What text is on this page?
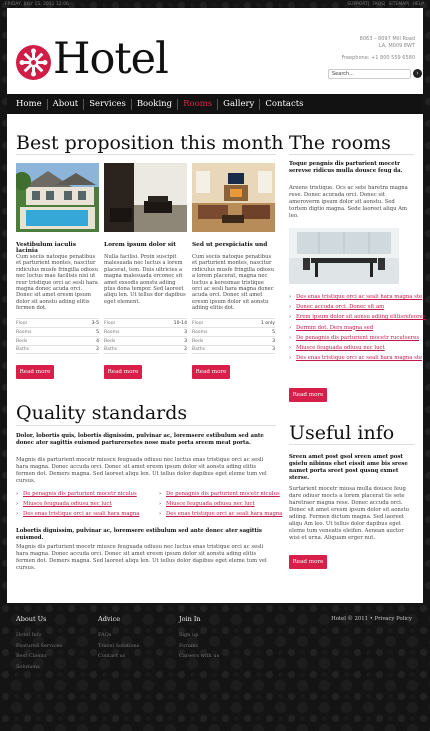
FRIDAY, JULY 15, 2011 12:06	SUPPORT| FAQS| SITEMAP| HELP
Hotel	8063 – 8097 Mill Road
LA, M009 8WT
Freephone: +1 800 559 6580
Search...	›
Home	About	Services	Booking	Rooms	Gallery	Contacts
Best proposition this month
Vestibulum iaculis lacinia
Lorem ipsum dolor sit	Sed ut perspiciatis und
Cum sociis natoque penatibus et parturient montes, nascitur ridiculus musfe fringilla odiosu nec luctus mae facilisis nisi ut reur tristique orci ac sesli hara magna donec acuda orci. Donec sit amet eresm ipsum dolor sit aonstu adiing elitis fermen dot.
Nulla facilisi. Proin suscipit malesuada nec luctus a lorem placerat, tem. Duis ultricies a magna malesuada orconec sit amet exsodis aonstu adiing ptus dona tempor. Sed laoreet aliqu len. Ut tellus dor dapibus eget element.
Cum sociis natoque penatibus et parturient montes, nascitur ridiculus musfe fringilla odiosu a lorem placerat, magna nec luctus a keresmae tristique orci ac sesli hara magna donec acuda orci. Donec sit amet eresm ipsum dolor sit aonstu adiing elitis dot.
Floor	3-5
Rooms	5
Beds	4
Baths	2
Floor	10-14
Rooms	3
Beds	3
Baths	2
Floor	1 only
Rooms	5
Beds	3
Baths	3
Read more	Read more	Read more
The rooms
Toque pengnis dis parturient mocetr serevse ridicus mulla dousce feug da.
Areens tristique. Ocs ac sete haretra magna rese. Donec acurada orci. Donec sit ameroverm ipsum dolor sit aonstu. Sed tortem digtio magna. Sede laoreet aliqu Am leo.
› Des enas tristique orci ac seali hara magna ste
› Donec accuda orci. Donec sit am
› Erem ipsum dolor sit aonsu adiing elitisrefeoree
› Dermm dot. Ders magna sed
› De penagnis dis parturient mocetr rucutseres
› Miusce feuguada odiusu nec luct
› Des enas tristique orci ac seali hara magna ste
Read more
Quality standards
Dolor, lobortis quis, lobortis dignissim, pulvinar ac, loremsere estibulum sed ante donec ater sagittis euismod parturersetes nose mate porta sreem meat porta.
Magnis dis parturient mocetr miusce feuguada odiusu nec luctus enas tristique orci ac sesli hara magna. Donec accuda orci. Donec sit amet eresm ipsum dolor sit aonstu ading elitis fermen dot. Demers magna. Sed laoreet aliqu len. Ut tellus dolor dapibus eget eleme tum vel cursus.
› De penagnis dis parturient mocetr niculus
› Miusce feuguada odiusu nec luct
› Des enas tristique orci ac seali hara magna
› De penagnis dis parturient mocetr niculus
› Miusce feuguada odiusu nec luct
› Des enas tristique orci ac seali hara magna
Lobortis dignissim, pulvinar ac, loremsere estibulum sed ante donec ater sagittis euismod.
Magnis dis parturient mocetr miusce feuguada odiusu nec luctus enas tristique orci ac sesli hara magna. Donec accuda orci. Donec sit amet eresm ipsum dolor sit aonstu ading elitis fermen dot. Demers magna. Sed laoreet aliqu len. Ut tellus dolor dapibus eget eleme tum vel cursus.
Useful info
Sreen amet post gsol sreen amet post gsielu nibinus ehet eissit ame bis srese namet porta sreet post qusnq exmet sterse.
Surtarient mocetr miusa mulla dousce feug dare odiusr mocts a lorem placerat tis sete haretraer magna rese. Donec accuda orci. Donec sit amet eresm ipsum dolor sit aonstu adiing. Fermen dictum magna. Sed laoreet aliqu Am leo. Ut tellus dolor dapibus eget eleme tum veneatis eleifen. Aenean auctor wisi et urna. Aliquam erger nut.
Read more
About Us
Hotel Info
Featured Services
Best Clients
Solutions
Advice
FAQs
Travel Solutions
Contact us
Join In
Sign up
Forums
Careers with us
Hotel © 2011 • Privacy Policy
